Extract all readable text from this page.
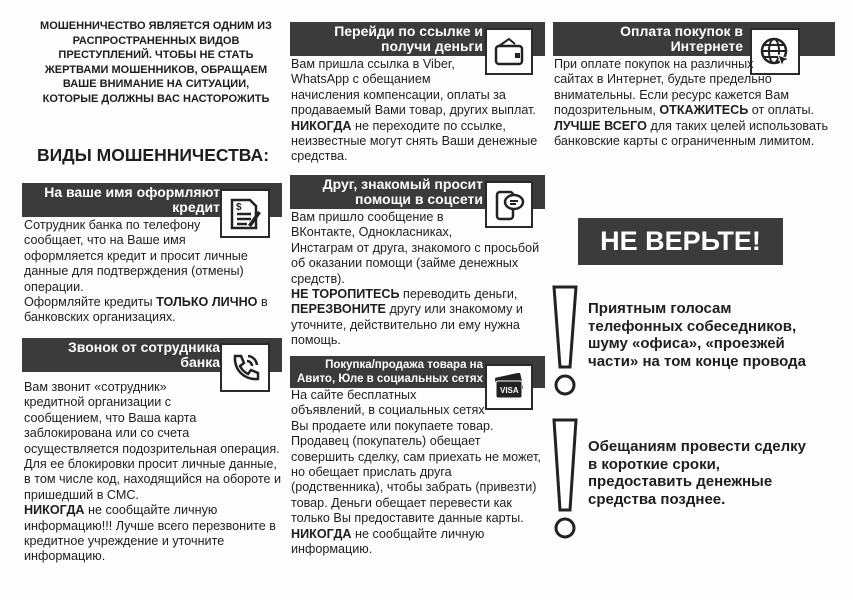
МОШЕННИЧЕСТВО ЯВЛЯЕТСЯ ОДНИМ ИЗ РАСПРОСТРАНЕННЫХ ВИДОВ ПРЕСТУПЛЕНИЙ. ЧТОБЫ НЕ СТАТЬ ЖЕРТВАМИ МОШЕННИКОВ, ОБРАЩАЕМ ВАШЕ ВНИМАНИЕ НА СИТУАЦИИ, КОТОРЫЕ ДОЛЖНЫ ВАС НАСТОРОЖИТЬ
ВИДЫ МОШЕННИЧЕСТВА:
На ваше имя оформляют кредит	$
Сотрудник банка по телефону сообщает, что на Ваше имя оформляется кредит и просит личные данные для подтверждения (отмены) операции.
Оформляйте кредиты ТОЛЬКО ЛИЧНО в банковских организациях.
Звонок от сотрудника банка
Вам звонит «сотрудник» кредитной организации с сообщением, что Ваша карта заблокирована или со счета осуществляется подозрительная операция. Для ее блокировки просит личные данные, в том числе код, находящийся на обороте и пришедший в СМС.
НИКОГДА не сообщайте личную информацию!!! Лучше всего перезвоните в кредитное учреждение и уточните информацию.
Перейди по ссылке и получи деньги
Вам пришла ссылка в Viber, WhatsApp с обещанием начисления компенсации, оплаты за продаваемый Вами товар, других выплат.
НИКОГДА не переходите по ссылке, неизвестные могут снять Ваши денежные средства.
Друг, знакомый просит помощи в соцсети
Вам пришло сообщение в ВКонтакте, Однокласниках, Инстаграм от друга, знакомого с просьбой об оказании помощи (займе денежных средств).
НЕ ТОРОПИТЕСЬ переводить деньги,
ПЕРЕЗВОНИТЕ другу или знакомому и уточните, действительно ли ему нужна помощь.
Покупка/продажа товара на Авито, Юле в социальных сетях
VISA
На сайте бесплатных объявлений, в социальных сетях Вы продаете или покупаете товар. Продавец (покупатель) обещает совершить сделку, сам приехать не может, но обещает прислать друга (родственника), чтобы забрать (привезти) товар. Деньги обещает перевести как только Вы предоставите данные карты.
НИКОГДА не сообщайте личную информацию.
Оплата покупок в Интернете
При оплате покупок на различных сайтах в Интернет, будьте предельно внимательны. Если ресурс кажется Вам подозрительным, ОТКАЖИТЕСЬ от оплаты.
ЛУЧШЕ ВСЕГО для таких целей использовать банковские карты с ограниченным лимитом.
НЕ ВЕРЬТЕ!
Приятным голосам телефонных собеседников, шуму «офиса», «проезжей части» на том конце провода
Обещаниям провести сделку в короткие сроки, предоставить денежные средства позднее.
